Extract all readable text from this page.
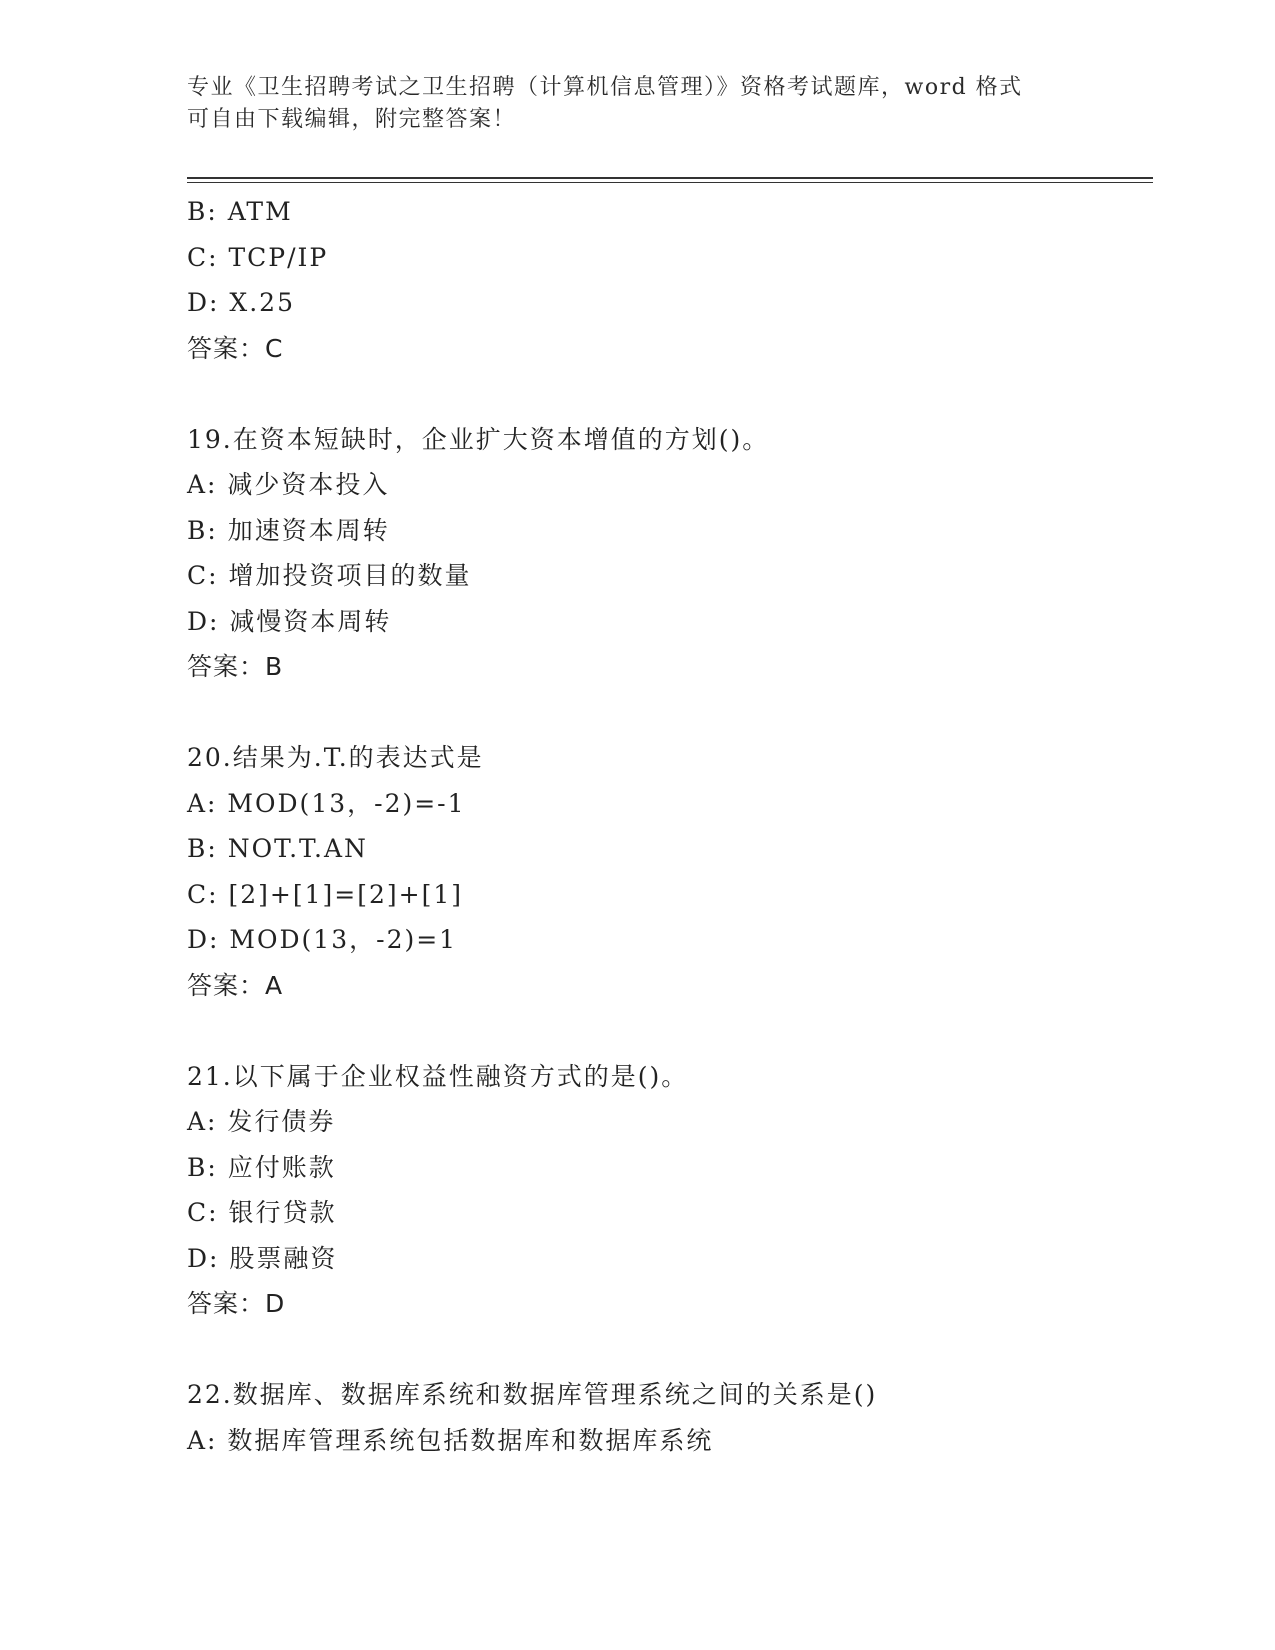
专业《卫生招聘考试之卫生招聘（计算机信息管理）》资格考试题库，word 格式
可自由下载编辑，附完整答案！
B: ATM
C: TCP/IP
D: X.25
答案：C
19.在资本短缺时，企业扩大资本增值的方划()。
A: 减少资本投入
B: 加速资本周转
C: 增加投资项目的数量
D: 减慢资本周转
答案：B
20.结果为.T.的表达式是
A: MOD(13，-2)=-1
B: NOT.T.AN
C: [2]+[1]=[2]+[1]
D: MOD(13，-2)=1
答案：A
21.以下属于企业权益性融资方式的是()。
A: 发行债券
B: 应付账款
C: 银行贷款
D: 股票融资
答案：D
22.数据库、数据库系统和数据库管理系统之间的关系是()
A: 数据库管理系统包括数据库和数据库系统
